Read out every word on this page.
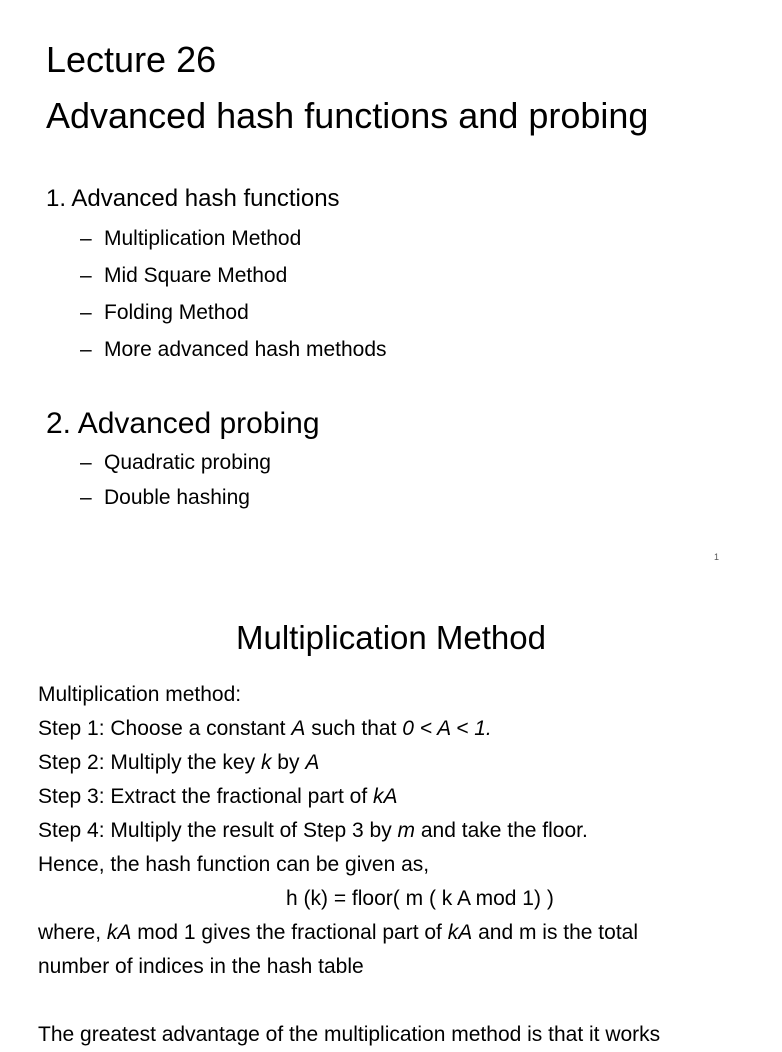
Lecture 26
Advanced hash functions and probing
1. Advanced hash functions
– Multiplication Method
– Mid Square Method
– Folding Method
– More advanced hash methods
2. Advanced probing
– Quadratic probing
– Double hashing
1
Multiplication Method
Multiplication method:
Step 1: Choose a constant A such that 0 < A < 1.
Step 2: Multiply the key k by A
Step 3: Extract the fractional part of kA
Step 4: Multiply the result of Step 3 by m and take the floor.
Hence, the hash function can be given as,
h (k) = floor( m ( k A mod 1) )
where, kA mod 1 gives the fractional part of kA and m is the total
number of indices in the hash table
The greatest advantage of the multiplication method is that it works
